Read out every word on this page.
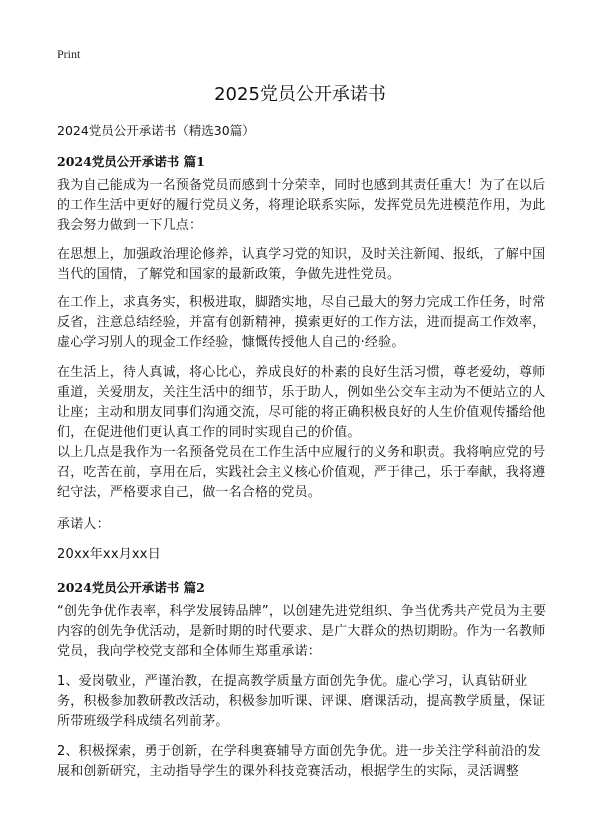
Print
2025党员公开承诺书

2024党员公开承诺书（精选30篇）

2024党员公开承诺书 篇1

我为自己能成为一名预备党员而感到十分荣幸，同时也感到其责任重大！为了在以后的工作生活中更好的履行党员义务，将理论联系实际，发挥党员先进模范作用，为此我会努力做到一下几点：

在思想上，加强政治理论修养，认真学习党的知识，及时关注新闻、报纸，了解中国当代的国情，了解党和国家的最新政策，争做先进性党员。

在工作上，求真务实，积极进取，脚踏实地，尽自己最大的努力完成工作任务，时常反省，注意总结经验，并富有创新精神，摸索更好的工作方法，进而提高工作效率，虚心学习别人的现金工作经验，慷慨传授他人自己的·经验。

在生活上，待人真诚，将心比心，养成良好的朴素的良好生活习惯，尊老爱幼，尊师重道，关爱朋友，关注生活中的细节，乐于助人，例如坐公交车主动为不便站立的人让座；主动和朋友同事们沟通交流，尽可能的将正确积极良好的人生价值观传播给他们，在促进他们更认真工作的同时实现自己的价值。

以上几点是我作为一名预备党员在工作生活中应履行的义务和职责。我将响应党的号召，吃苦在前，享用在后，实践社会主义核心价值观，严于律己，乐于奉献，我将遵纪守法，严格要求自己，做一名合格的党员。

承诺人：

20xx年xx月xx日

2024党员公开承诺书 篇2

“创先争优作表率，科学发展铸品牌”，以创建先进党组织、争当优秀共产党员为主要内容的创先争优活动，是新时期的时代要求、是广大群众的热切期盼。作为一名教师党员，我向学校党支部和全体师生郑重承诺：

1、爱岗敬业，严谨治教，在提高教学质量方面创先争优。虚心学习，认真钻研业务，积极参加教研教改活动，积极参加听课、评课、磨课活动，提高教学质量，保证所带班级学科成绩名列前茅。

2、积极探索，勇于创新，在学科奥赛辅导方面创先争优。进一步关注学科前沿的发展和创新研究，主动指导学生的课外科技竞赛活动，根据学生的实际，灵活调整
